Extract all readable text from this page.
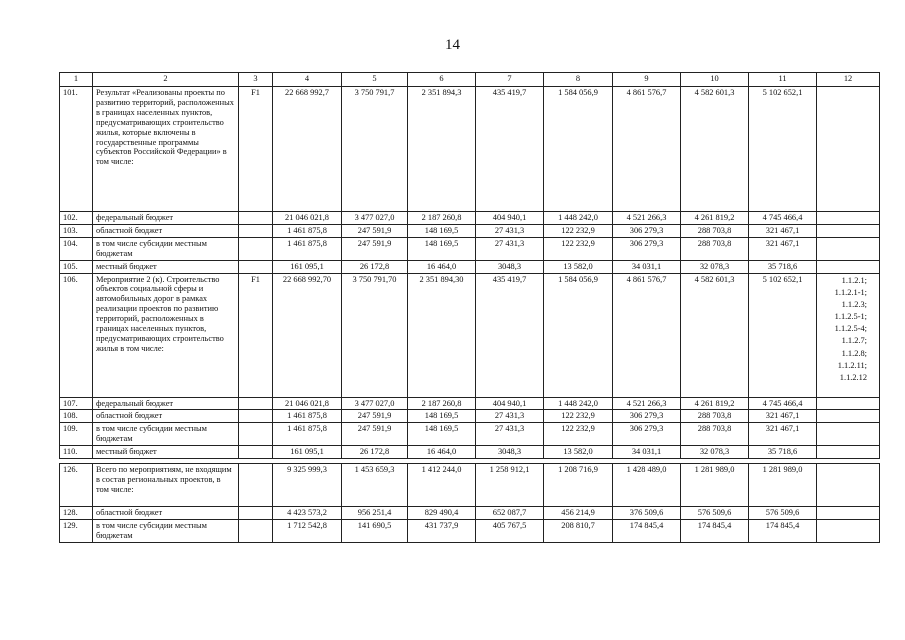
14
1	2	3	4	5	6	7	8	9	10	11	12
101.	Результат «Реализованы проекты по развитию территорий, расположенных в границах населенных пунктов, предусматривающих строительство жилья, которые включены в государственные программы субъектов Российской Федерации» в том числе:	F1	22 668 992,7	3 750 791,7	2 351 894,3	435 419,7	1 584 056,9	4 861 576,7	4 582 601,3	5 102 652,1	
102.	федеральный бюджет		21 046 021,8	3 477 027,0	2 187 260,8	404 940,1	1 448 242,0	4 521 266,3	4 261 819,2	4 745 466,4	
103.	областной бюджет		1 461 875,8	247 591,9	148 169,5	27 431,3	122 232,9	306 279,3	288 703,8	321 467,1	
104.	в том числе субсидии местным бюджетам		1 461 875,8	247 591,9	148 169,5	27 431,3	122 232,9	306 279,3	288 703,8	321 467,1	
105.	местный бюджет		161 095,1	26 172,8	16 464,0	3048,3	13 582,0	34 031,1	32 078,3	35 718,6	
106.	Мероприятие 2 (к). Строительство объектов социальной сферы и автомобильных дорог в рамках реализации проектов по развитию территорий, расположенных в границах населенных пунктов, предусматривающих строительство жилья в том числе:	F1	22 668 992,70	3 750 791,70	2 351 894,30	435 419,7	1 584 056,9	4 861 576,7	4 582 601,3	5 102 652,1	1.1.2.1; 1.1.2.1-1; 1.1.2.3; 1.1.2.5-1; 1.1.2.5-4; 1.1.2.7; 1.1.2.8; 1.1.2.11; 1.1.2.12
107.	федеральный бюджет		21 046 021,8	3 477 027,0	2 187 260,8	404 940,1	1 448 242,0	4 521 266,3	4 261 819,2	4 745 466,4	
108.	областной бюджет		1 461 875,8	247 591,9	148 169,5	27 431,3	122 232,9	306 279,3	288 703,8	321 467,1	
109.	в том числе субсидии местным бюджетам		1 461 875,8	247 591,9	148 169,5	27 431,3	122 232,9	306 279,3	288 703,8	321 467,1	
110.	местный бюджет		161 095,1	26 172,8	16 464,0	3048,3	13 582,0	34 031,1	32 078,3	35 718,6	

126.	Всего по мероприятиям, не входящим в состав региональных проектов, в том числе:		9 325 999,3	1 453 659,3	1 412 244,0	1 258 912,1	1 208 716,9	1 428 489,0	1 281 989,0	1 281 989,0	
128.	областной бюджет		4 423 573,2	956 251,4	829 490,4	652 087,7	456 214,9	376 509,6	576 509,6	576 509,6	
129.	в том числе субсидии местным бюджетам		1 712 542,8	141 690,5	431 737,9	405 767,5	208 810,7	174 845,4	174 845,4	174 845,4	
